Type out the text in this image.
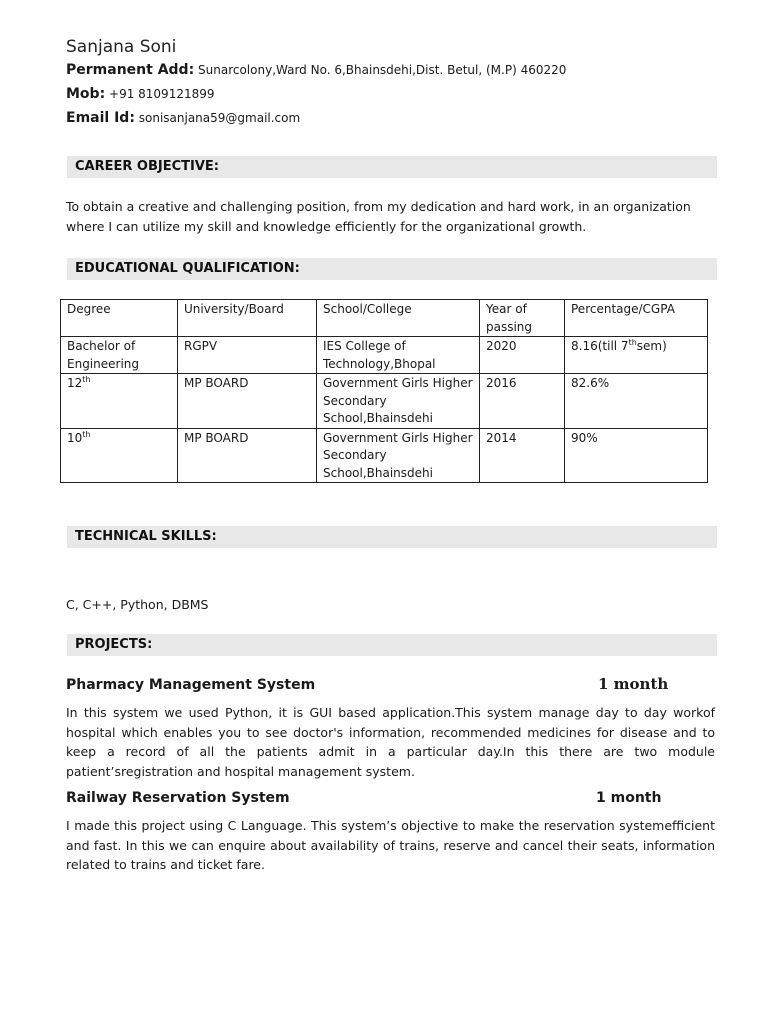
Sanjana Soni
Permanent Add: Sunarcolony,Ward No. 6,Bhainsdehi,Dist. Betul, (M.P) 460220
Mob: +91 8109121899
Email Id: sonisanjana59@gmail.com
CAREER OBJECTIVE:
To obtain a creative and challenging position, from my dedication and hard work, in an organization
where I can utilize my skill and knowledge efficiently for the organizational growth.
EDUCATIONAL QUALIFICATION:
Degree	University/Board	School/College	Year of passing	Percentage/CGPA
Bachelor of Engineering	RGPV	IES College of Technology,Bhopal	2020	8.16(till 7thsem)
12th	MP BOARD	Government Girls Higher Secondary School,Bhainsdehi	2016	82.6%
10th	MP BOARD	Government Girls Higher Secondary School,Bhainsdehi	2014	90%
TECHNICAL SKILLS:
C, C++, Python, DBMS
PROJECTS:
Pharmacy Management System	1 month
In this system we used Python, it is GUI based application.This system manage day to day workof hospital which enables you to see doctor's information, recommended medicines for disease and to keep a record of all the patients admit in a particular day.In this there are two module patient’sregistration and hospital management system.
Railway Reservation System	1 month
I made this project using C Language. This system’s objective to make the reservation systemefficient and fast. In this we can enquire about availability of trains, reserve and cancel their seats, information related to trains and ticket fare.
